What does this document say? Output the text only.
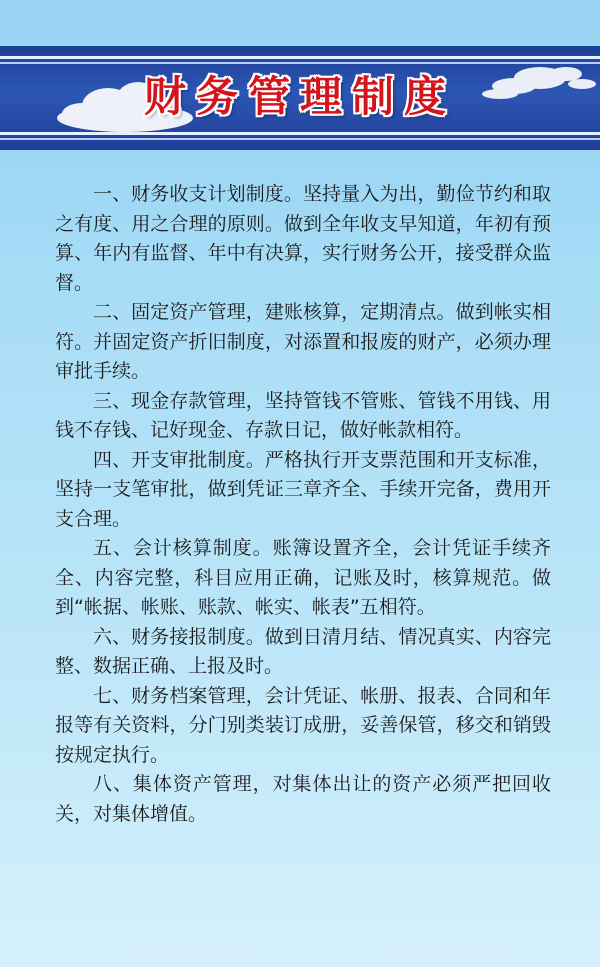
财务管理制度

一、财务收支计划制度。坚持量入为出，勤俭节约和取之有度、用之合理的原则。做到全年收支早知道，年初有预算、年内有监督、年中有决算，实行财务公开，接受群众监督。

二、固定资产管理，建账核算，定期清点。做到帐实相符。并固定资产折旧制度，对添置和报废的财产，必须办理审批手续。

三、现金存款管理，坚持管钱不管账、管钱不用钱、用钱不存钱、记好现金、存款日记，做好帐款相符。

四、开支审批制度。严格执行开支票范围和开支标准，坚持一支笔审批，做到凭证三章齐全、手续开完备，费用开支合理。

五、会计核算制度。账簿设置齐全，会计凭证手续齐全、内容完整，科目应用正确，记账及时，核算规范。做到“帐据、帐账、账款、帐实、帐表”五相符。

六、财务接报制度。做到日清月结、情况真实、内容完整、数据正确、上报及时。

七、财务档案管理，会计凭证、帐册、报表、合同和年报等有关资料，分门别类装订成册，妥善保管，移交和销毁按规定执行。

八、集体资产管理，对集体出让的资产必须严把回收关，对集体增值。
